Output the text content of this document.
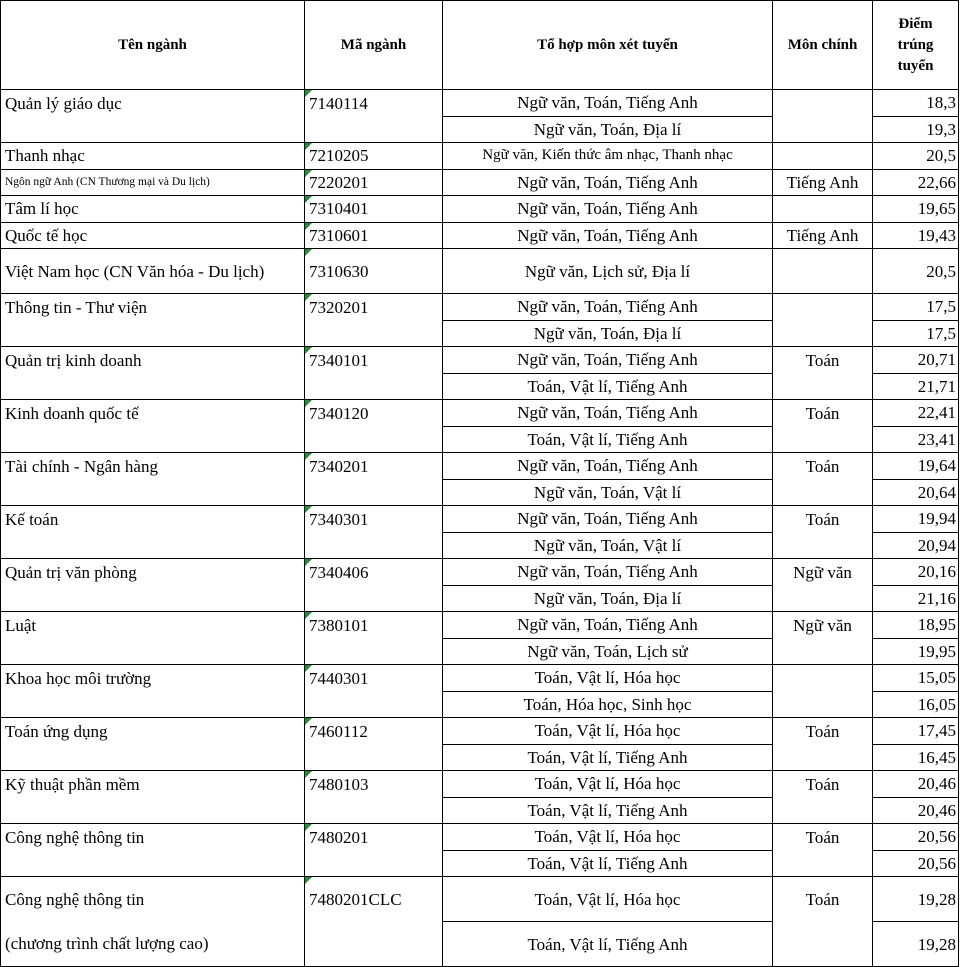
Tên ngành	Mã ngành	Tổ hợp môn xét tuyển	Môn chính	Điểm trúng tuyển
Quản lý giáo dục	7140114	Ngữ văn, Toán, Tiếng Anh		18,3
		Ngữ văn, Toán, Địa lí		19,3
Thanh nhạc	7210205	Ngữ văn, Kiến thức âm nhạc, Thanh nhạc		20,5
Ngôn ngữ Anh (CN Thương mại và Du lịch)	7220201	Ngữ văn, Toán, Tiếng Anh	Tiếng Anh	22,66
Tâm lí học	7310401	Ngữ văn, Toán, Tiếng Anh		19,65
Quốc tế học	7310601	Ngữ văn, Toán, Tiếng Anh	Tiếng Anh	19,43
Việt Nam học (CN Văn hóa - Du lịch)	7310630	Ngữ văn, Lịch sử, Địa lí		20,5
Thông tin - Thư viện	7320201	Ngữ văn, Toán, Tiếng Anh		17,5
		Ngữ văn, Toán, Địa lí		17,5
Quản trị kinh doanh	7340101	Ngữ văn, Toán, Tiếng Anh	Toán	20,71
		Toán, Vật lí, Tiếng Anh		21,71
Kinh doanh quốc tế	7340120	Ngữ văn, Toán, Tiếng Anh	Toán	22,41
		Toán, Vật lí, Tiếng Anh		23,41
Tài chính - Ngân hàng	7340201	Ngữ văn, Toán, Tiếng Anh	Toán	19,64
		Ngữ văn, Toán, Vật lí		20,64
Kế toán	7340301	Ngữ văn, Toán, Tiếng Anh	Toán	19,94
		Ngữ văn, Toán, Vật lí		20,94
Quản trị văn phòng	7340406	Ngữ văn, Toán, Tiếng Anh	Ngữ văn	20,16
		Ngữ văn, Toán, Địa lí		21,16
Luật	7380101	Ngữ văn, Toán, Tiếng Anh	Ngữ văn	18,95
		Ngữ văn, Toán, Lịch sử		19,95
Khoa học môi trường	7440301	Toán, Vật lí, Hóa học		15,05
		Toán, Hóa học, Sinh học		16,05
Toán ứng dụng	7460112	Toán, Vật lí, Hóa học	Toán	17,45
		Toán, Vật lí, Tiếng Anh		16,45
Kỹ thuật phần mềm	7480103	Toán, Vật lí, Hóa học	Toán	20,46
		Toán, Vật lí, Tiếng Anh		20,46
Công nghệ thông tin	7480201	Toán, Vật lí, Hóa học	Toán	20,56
		Toán, Vật lí, Tiếng Anh		20,56
Công nghệ thông tin	7480201CLC	Toán, Vật lí, Hóa học	Toán	19,28
(chương trình chất lượng cao)		Toán, Vật lí, Tiếng Anh		19,28
